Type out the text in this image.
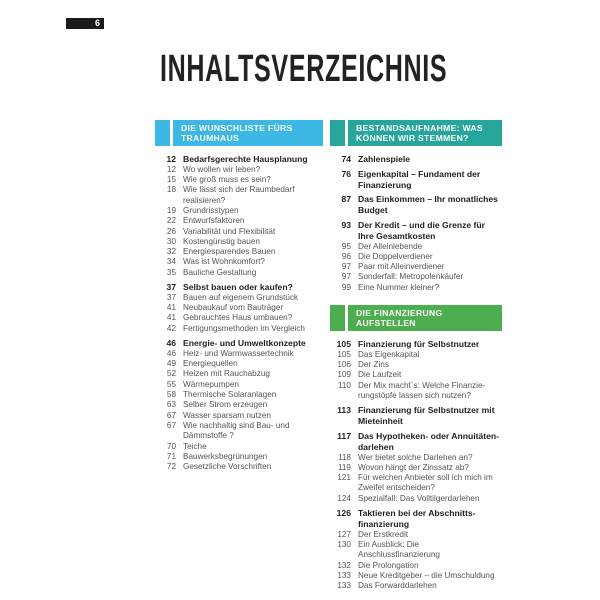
6
INHALTSVERZEICHNIS
DIE WUNSCHLISTE FÜRS TRAUMHAUS
12 Bedarfsgerechte Hausplanung
12 Wo wollen wir leben?
15 Wie groß muss es sein?
18 Wie lässt sich der Raumbedarf realisieren?
19 Grundrisstypen
22 Entwurfsfaktoren
26 Variabilität und Flexibilität
30 Kostengünstig bauen
32 Energiesparendes Bauen
34 Was ist Wohnkomfort?
35 Bauliche Gestaltung
37 Selbst bauen oder kaufen?
37 Bauen auf eigenem Grundstück
41 Neubaukauf vom Bauträger
41 Gebrauchtes Haus umbauen?
42 Fertigungsmethoden im Vergleich
46 Energie- und Umweltkonzepte
46 Heiz- und Warmwassertechnik
49 Energiequellen
52 Heizen mit Rauchabzug
55 Wärmepumpen
58 Thermische Solaranlagen
63 Selber Strom erzeugen
67 Wasser sparsam nutzen
67 Wie nachhaltig sind Bau- und Dämmstoffe ?
70 Teiche
71 Bauwerksbegrünungen
72 Gesetzliche Vorschriften
BESTANDSAUFNAHME: WAS KÖNNEN WIR STEMMEN?
74 Zahlenspiele
76 Eigenkapital – Fundament der Finanzierung
87 Das Einkommen – Ihr monatliches Budget
93 Der Kredit – und die Grenze für Ihre Gesamtkosten
95 Der Alleinlebende
96 Die Doppelverdiener
97 Paar mit Alleinverdiener
97 Sonderfall: Metropolenkäufer
99 Eine Nummer kleiner?
DIE FINANZIERUNG AUFSTELLEN
105 Finanzierung für Selbstnutzer
105 Das Eigenkapital
106 Der Zins
109 Die Laufzeit
110 Der Mix macht´s: Welche Finanzierungstöpfe lassen sich nutzen?
113 Finanzierung für Selbstnutzer mit Mieteinheit
117 Das Hypotheken- oder Annuitätendarlehen
118 Wer bietet solche Darlehen an?
119 Wovon hängt der Zinssatz ab?
121 Für welchen Anbieter soll ich mich im Zweifel entscheiden?
124 Spezialfall: Das Volltilgerdarlehen
126 Taktieren bei der Abschnittsfinanzierung
127 Der Erstkredit
130 Ein Ausblick: Die Anschlussfinanzierung
132 Die Prolongation
133 Neue Kreditgeber – die Umschuldung
133 Das Forwarddarlehen
